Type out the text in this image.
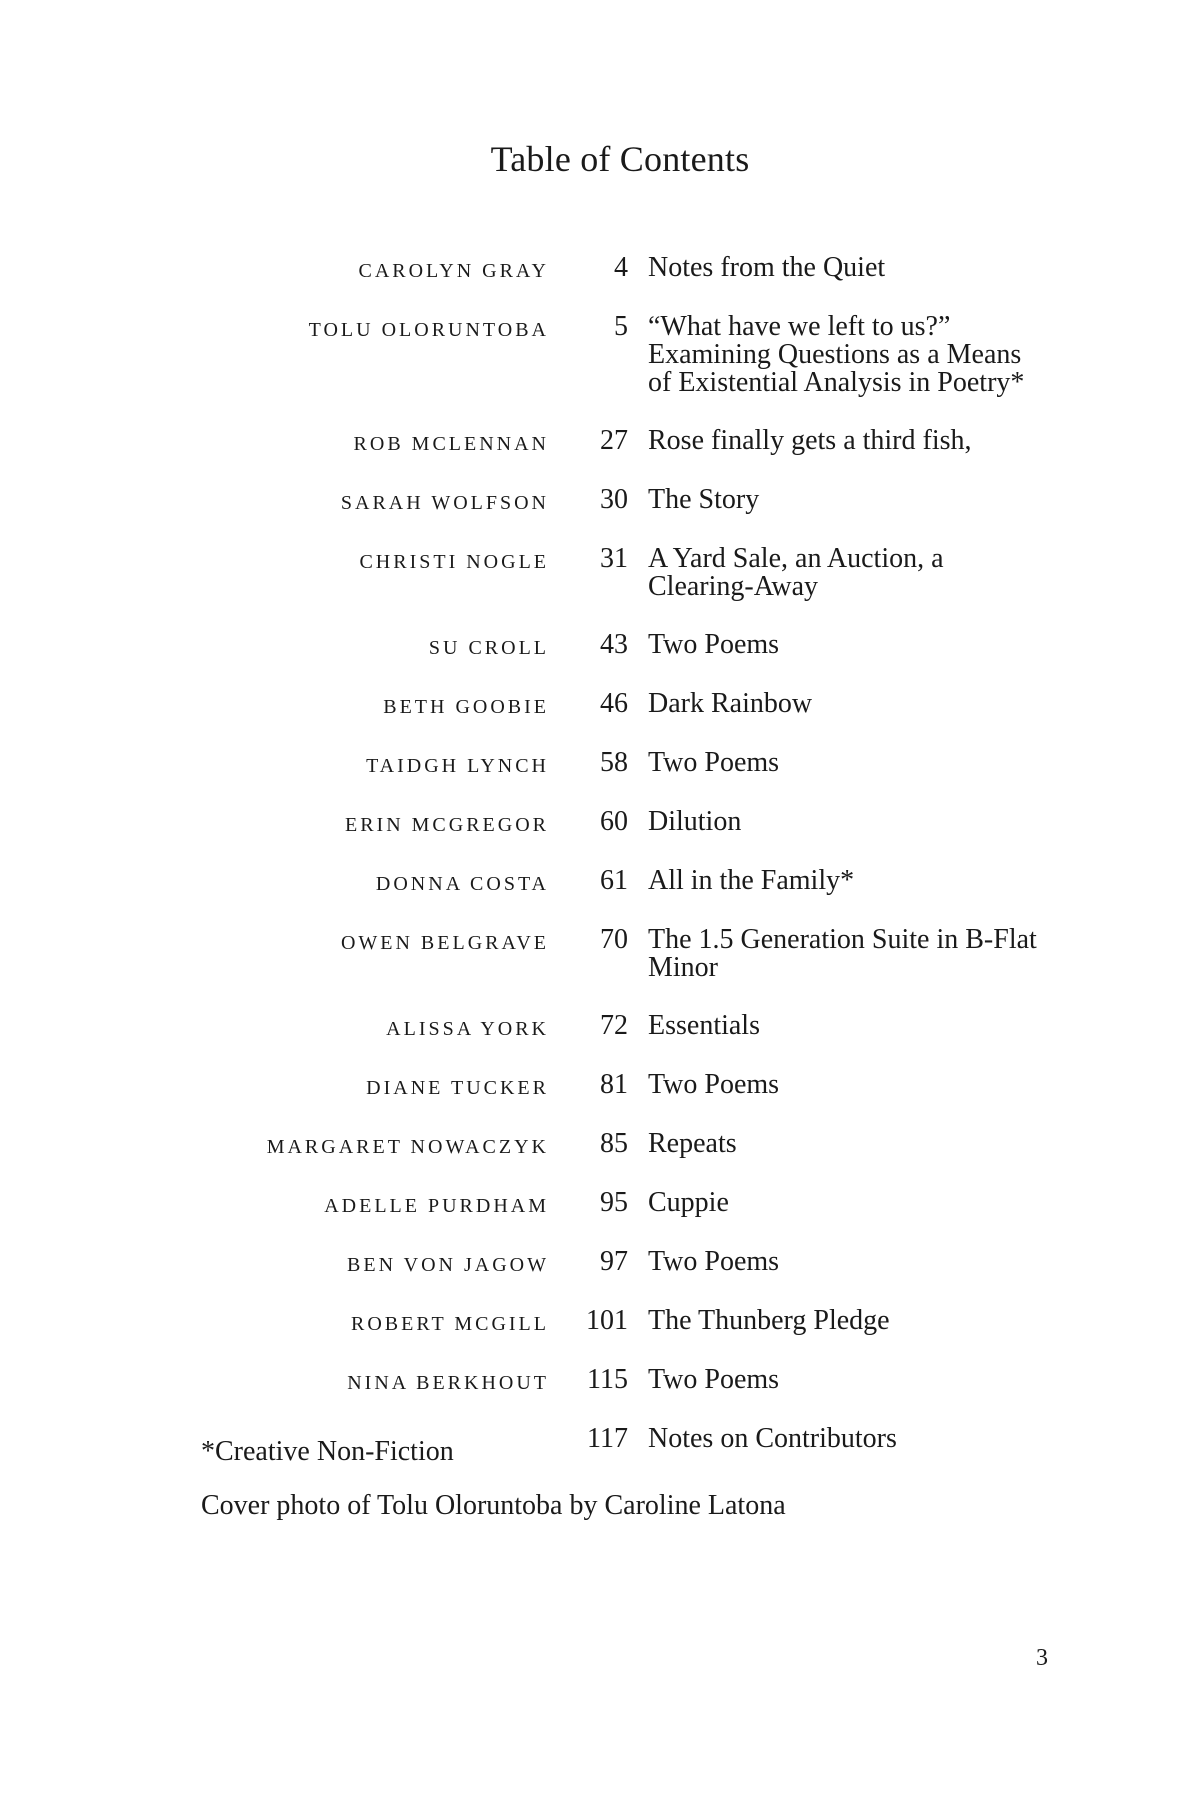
Table of Contents
CAROLYN GRAY	4 Notes from the Quiet
TOLU OLORUNTOBA	5 “What have we left to us?” Examining Questions as a Means of Existential Analysis in Poetry*
ROB MCLENNAN	27 Rose finally gets a third fish,
SARAH WOLFSON	30 The Story
CHRISTI NOGLE	31 A Yard Sale, an Auction, a Clearing-Away
SU CROLL	43 Two Poems
BETH GOOBIE	46 Dark Rainbow
TAIDGH LYNCH	58 Two Poems
ERIN MCGREGOR	60 Dilution
DONNA COSTA	61 All in the Family*
OWEN BELGRAVE	70 The 1.5 Generation Suite in B-Flat Minor
ALISSA YORK	72 Essentials
DIANE TUCKER	81 Two Poems
MARGARET NOWACZYK	85 Repeats
ADELLE PURDHAM	95 Cuppie
BEN VON JAGOW	97 Two Poems
ROBERT MCGILL	101 The Thunberg Pledge
NINA BERKHOUT	115 Two Poems
117 Notes on Contributors

*Creative Non-Fiction

Cover photo of Tolu Oloruntoba by Caroline Latona

3
